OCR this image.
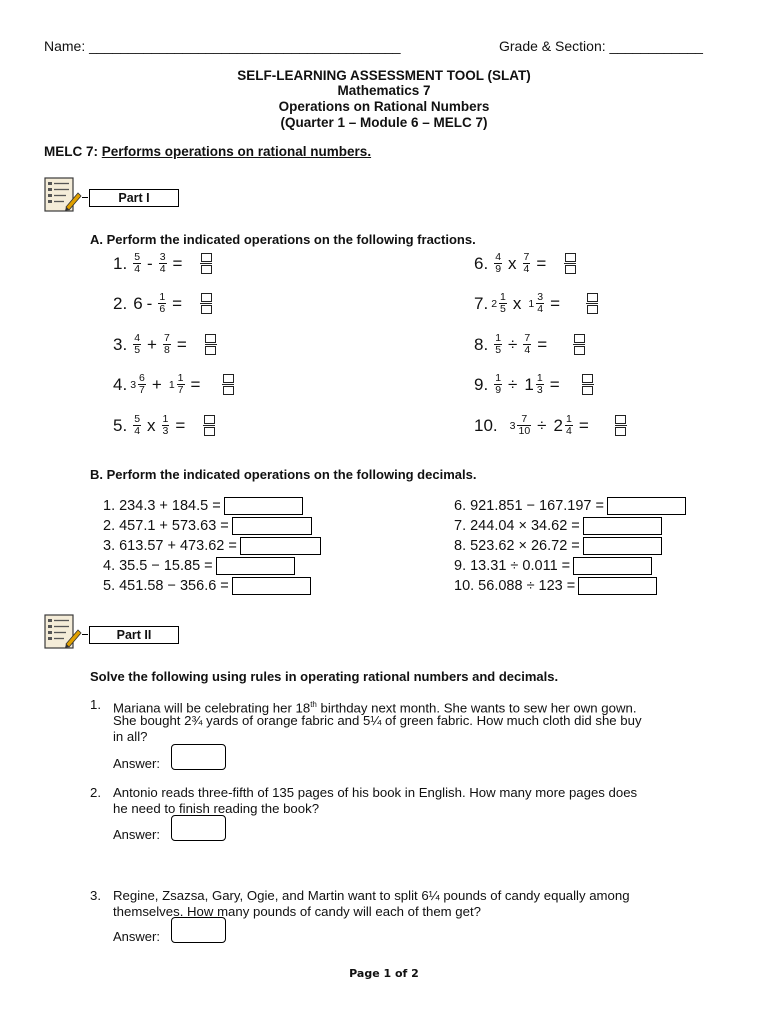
Name: ________________________________________	Grade & Section: ____________
SELF-LEARNING ASSESSMENT TOOL (SLAT)
Mathematics 7
Operations on Rational Numbers
(Quarter 1 – Module 6 – MELC 7)
MELC 7: Performs operations on rational numbers.
Part I
A. Perform the indicated operations on the following fractions.
1. $\frac{5}{4} - \frac{3}{4}$ =
2. $6 - \frac{1}{6}$ =
3. $\frac{4}{5} + \frac{7}{8}$ =
4. $3 \frac{6}{7} + 1 \frac{1}{7}$ =
5. $\frac{5}{4}$ x $\frac{1}{3}$ =
6. $\frac{4}{9}$ x $\frac{7}{4}$ =
7. $2 \frac{1}{5}$ x $1 \frac{3}{4}$ =
8. $\frac{1}{5} \div \frac{7}{4}$ =
9. $\frac{1}{9} \div 1 \frac{1}{3}$ =
10. $3 \frac{7}{10} \div 2 \frac{1}{4}$ =
B. Perform the indicated operations on the following decimals.
1. 234.3 + 184.5 =
2. 457.1 + 573.63 =
3. 613.57 + 473.62 =
4. 35.5 − 15.85 =
5. 451.58 − 356.6 =
6. 921.851 − 167.197 =
7. 244.04 × 34.62 =
8. 523.62 × 26.72 =
9. 13.31 ÷ 0.011 =
10. 56.088 ÷ 123 =
Part II
Solve the following using rules in operating rational numbers and decimals.
1. Mariana will be celebrating her 18th birthday next month. She wants to sew her own gown.
She bought 2¾ yards of orange fabric and 5¼ of green fabric. How much cloth did she buy
in all?
Answer:
2. Antonio reads three-fifth of 135 pages of his book in English. How many more pages does
he need to finish reading the book?
Answer:
3. Regine, Zsazsa, Gary, Ogie, and Martin want to split 6¼ pounds of candy equally among
themselves. How many pounds of candy will each of them get?
Answer:
Page 1 of 2
